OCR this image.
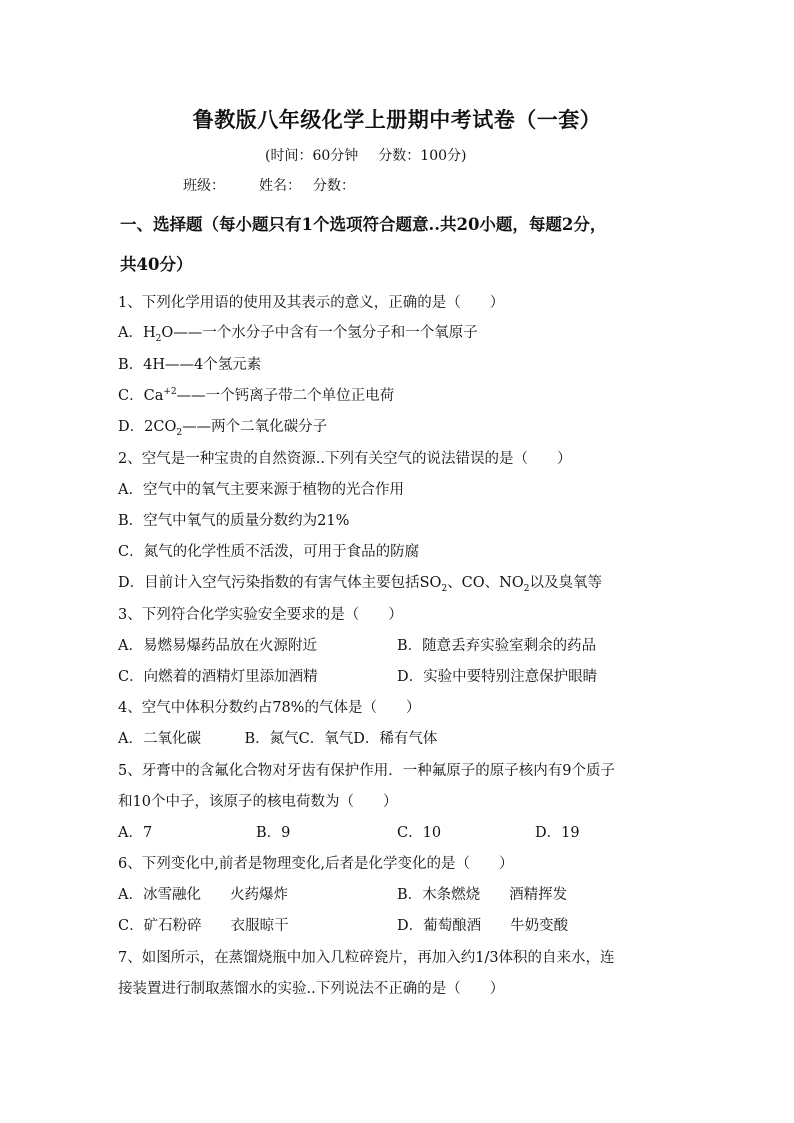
鲁教版八年级化学上册期中考试卷（一套）
(时间：60分钟 分数：100分)
班级： 姓名： 分数：
一、选择题（每小题只有1个选项符合题意..共20小题，每题2分，
共40分）
1、下列化学用语的使用及其表示的意义，正确的是（　　）
A．$H_2O——$一个水分子中含有一个氢分子和一个氧原子
B．4H——4个氢元素
C．$Ca^{+2}——$一个钙离子带二个单位正电荷
D．$2CO_2——$两个二氧化碳分子
2、空气是一种宝贵的自然资源..下列有关空气的说法错误的是（　　）
A．空气中的氧气主要来源于植物的光合作用
B．空气中氧气的质量分数约为21%
C．氮气的化学性质不活泼，可用于食品的防腐
D．目前计入空气污染指数的有害气体主要包括$SO_2$、CO、$NO_2$以及臭氧等
3、下列符合化学实验安全要求的是（　　）
A．易燃易爆药品放在火源附近	B．随意丢弃实验室剩余的药品
C．向燃着的酒精灯里添加酒精	D．实验中要特别注意保护眼睛
4、空气中体积分数约占78%的气体是（　　）
A．二氧化碳　　　B．氮气C．氧气D．稀有气体
5、牙膏中的含氟化合物对牙齿有保护作用．一种氟原子的原子核内有9个质子
和10个中子，该原子的核电荷数为（　　）
A．7	B．9	C．10	D．19
6、下列变化中,前者是物理变化,后者是化学变化的是（　　）
A．冰雪融化　　火药爆炸	B．木条燃烧　　酒精挥发
C．矿石粉碎　　衣服晾干	D．葡萄酿酒　　牛奶变酸
7、如图所示，在蒸馏烧瓶中加入几粒碎瓷片，再加入约1/3体积的自来水，连
接装置进行制取蒸馏水的实验..下列说法不正确的是（　　）
